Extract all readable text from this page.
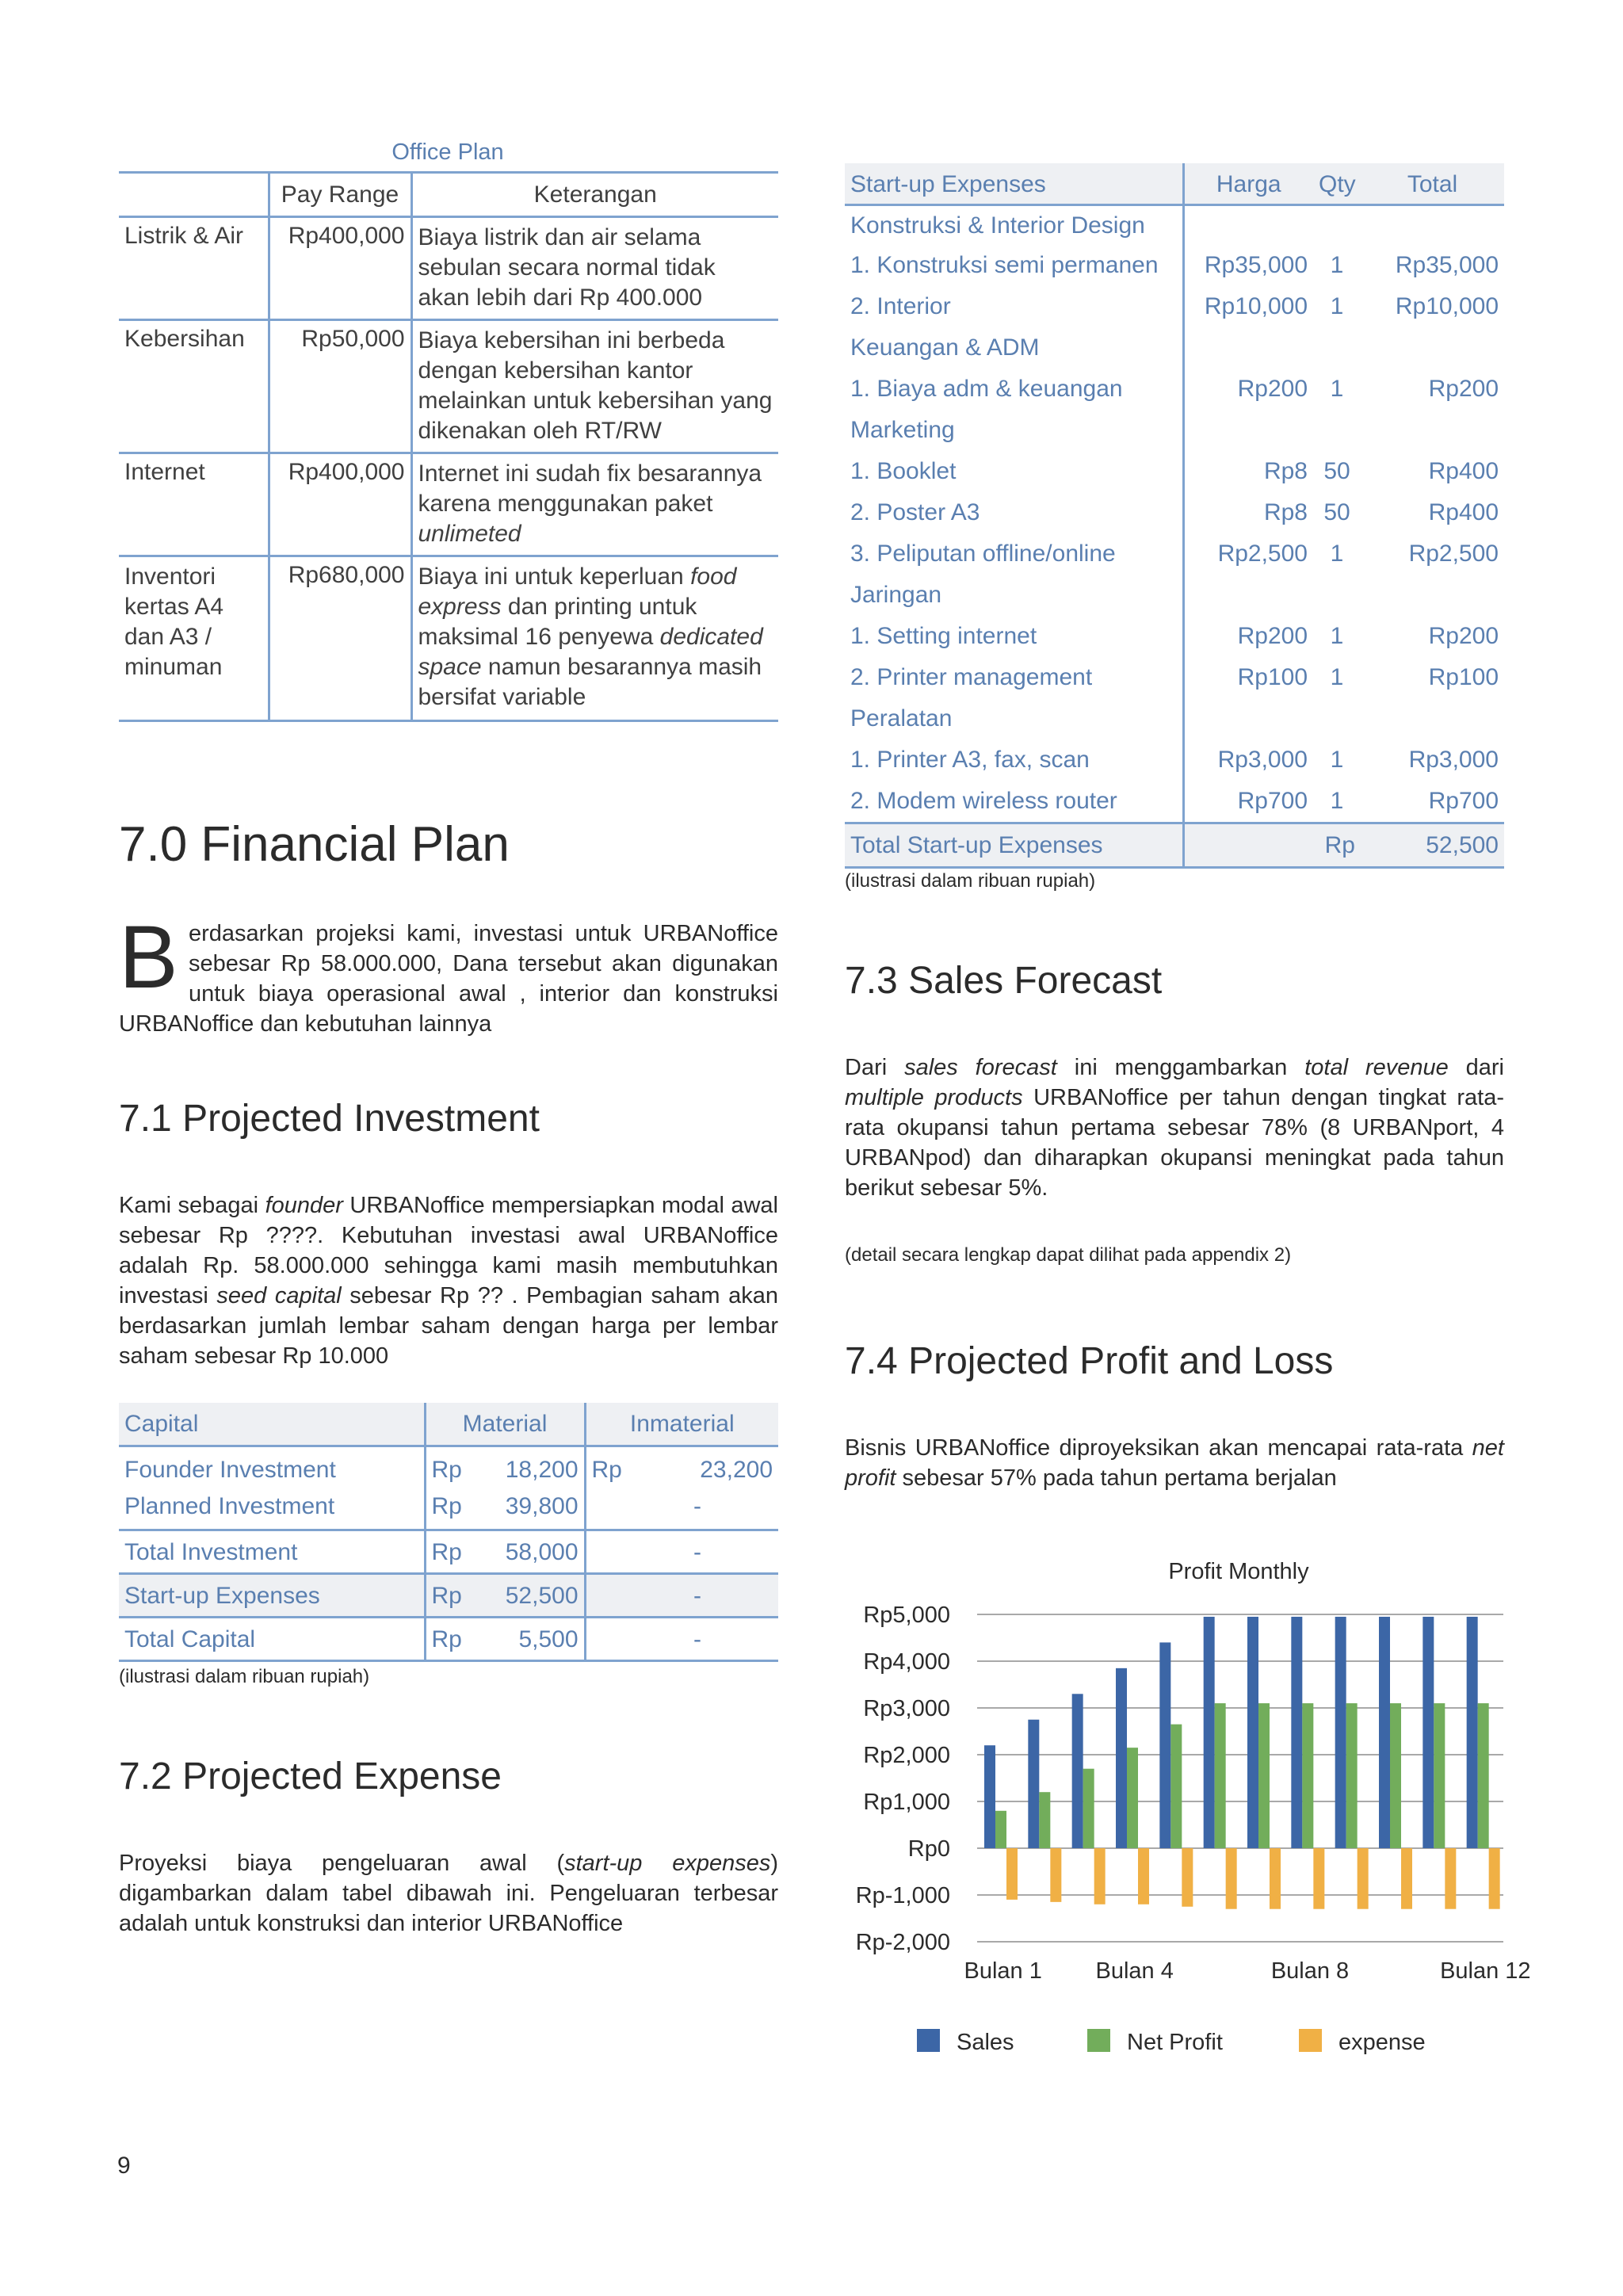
Office Plan
	Pay Range	Keterangan
Listrik & Air	Rp400,000	Biaya listrik dan air selama sebulan secara normal tidak akan lebih dari Rp 400.000
Kebersihan	Rp50,000	Biaya kebersihan ini berbeda dengan kebersihan kantor melainkan untuk kebersihan yang dikenakan oleh RT/RW
Internet	Rp400,000	Internet ini sudah fix besarannya karena menggunakan paket unlimeted
Inventori kertas A4 dan A3 / minuman	Rp680,000	Biaya ini untuk keperluan food express dan printing untuk maksimal 16 penyewa dedicated space namun besarannya masih bersifat variable
7.0 Financial Plan
B erdasarkan projeksi kami, investasi untuk URBANoffice sebesar Rp 58.000.000, Dana tersebut akan digunakan untuk biaya operasional awal , interior dan konstruksi URBANoffice dan kebutuhan lainnya
7.1 Projected Investment
Kami sebagai founder URBANoffice mempersiapkan modal awal sebesar Rp ????. Kebutuhan investasi awal URBANoffice adalah Rp. 58.000.000 sehingga kami masih membutuhkan investasi seed capital sebesar Rp ?? . Pembagian saham akan berdasarkan jumlah lembar saham dengan harga per lembar saham sebesar Rp 10.000
Capital	Material		Inmaterial	
Founder Investment	Rp	18,200	Rp	23,200
Planned Investment	Rp	39,800		-
Total Investment	Rp	58,000		-
Start-up Expenses	Rp	52,500		-
Total Capital	Rp	5,500		-
(ilustrasi dalam ribuan rupiah)
7.2 Projected Expense
Proyeksi biaya pengeluaran awal (start-up expenses) digambarkan dalam tabel dibawah ini. Pengeluaran terbesar adalah untuk konstruksi dan interior URBANoffice
Start-up Expenses	Harga	Qty	Total
Konstruksi & Interior Design			
1. Konstruksi semi permanen	Rp35,000	1	Rp35,000
2. Interior	Rp10,000	1	Rp10,000
Keuangan & ADM			
1. Biaya adm & keuangan	Rp200	1	Rp200
Marketing			
1. Booklet	Rp8	50	Rp400
2. Poster A3	Rp8	50	Rp400
3. Peliputan offline/online	Rp2,500	1	Rp2,500
Jaringan			
1. Setting internet	Rp200	1	Rp200
2. Printer management	Rp100	1	Rp100
Peralatan			
1. Printer A3, fax, scan	Rp3,000	1	Rp3,000
2. Modem wireless router	Rp700	1	Rp700
Total Start-up Expenses		Rp	52,500
(ilustrasi dalam ribuan rupiah)
7.3 Sales Forecast
Dari sales forecast ini menggambarkan total revenue dari multiple products URBANoffice per tahun dengan tingkat rata-rata okupansi tahun pertama sebesar 78% (8 URBANport, 4 URBANpod) dan diharapkan okupansi meningkat pada tahun berikut sebesar 5%.
(detail secara lengkap dapat dilihat pada appendix 2)
7.4 Projected Profit and Loss
Bisnis URBANoffice diproyeksikan akan mencapai rata-rata net profit sebesar 57% pada tahun pertama berjalan
Profit Monthly
Rp5,000
Rp4,000
Rp3,000
Rp2,000
Rp1,000
Rp0
Rp-1,000
Rp-2,000
Bulan 1 Bulan 4	Bulan 8	Bulan 12
Sales	Net Profit	expense
9
